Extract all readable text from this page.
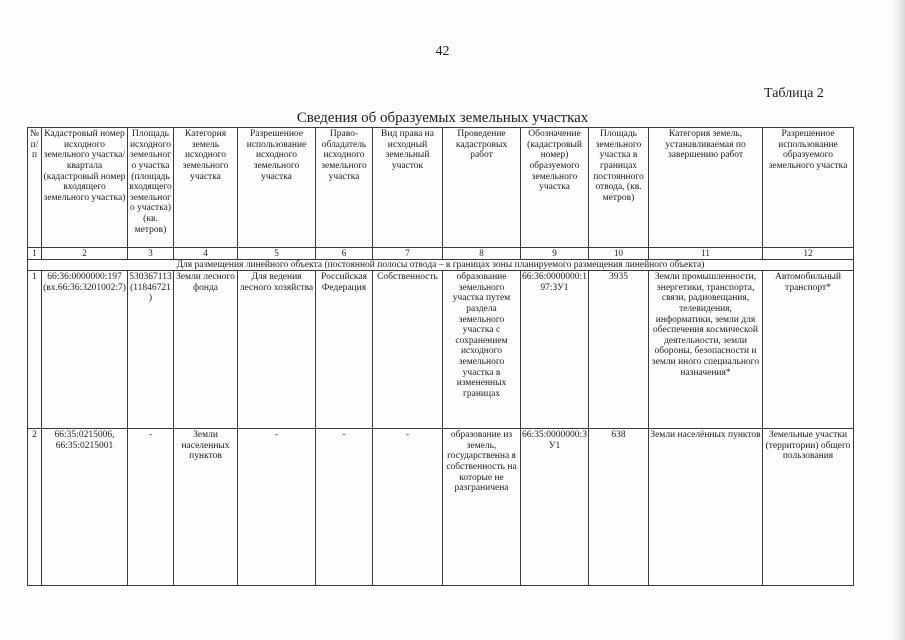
42
Таблица 2
Сведения об образуемых земельных участках
№ п/п	Кадастровый номер исходного земельного участка/квартала (кадастровый номер входящего земельного участка)	Площадь исходного земельного участка (площадь входящего земельного участка) (кв. метров)	Категория земель исходного земельного участка	Разрешенное использование исходного земельного участка	Право-обладатель исходного земельного участка	Вид права на исходный земельный участок	Проведение кадастровых работ	Обозначение (кадастровый номер) образуемого земельного участка	Площадь земельного участка в границах постоянного отвода, (кв. метров)	Категория земель, устанавливаемая по завершению работ	Разрешенное использование образуемого земельного участка
1	2	3	4	5	6	7	8	9	10	11	12
Для размещения линейного объекта (постоянной полосы отвода – в границах зоны планируемого размещения линейного объекта)											
1	66:36:0000000:197 (вх.66:36:3201002:7)	530367113 (11846721)	Земли лесного фонда	Для ведения лесного хозяйства	Российская Федерация	Собственность	образование земельного участка путем раздела земельного участка с сохранением исходного земельного участка в измененных границах	66:36:0000000:197:ЗУ1	3935	Земли промышленности, энергетики, транспорта, связи, радиовещания, телевидения, информатики, земли для обеспечения космической деятельности, земли обороны, безопасности и земли иного специального назначения*	Автомобильный транспорт*
2	66:35:0215006, 66:35:0215001	-	Земли населенных пунктов	-	-	-	образование из земель, государственна я собственность на которые не разграничена	66:35:0000000:ЗУ1	638	Земли населённых пунктов	Земельные участки (территории) общего пользования
